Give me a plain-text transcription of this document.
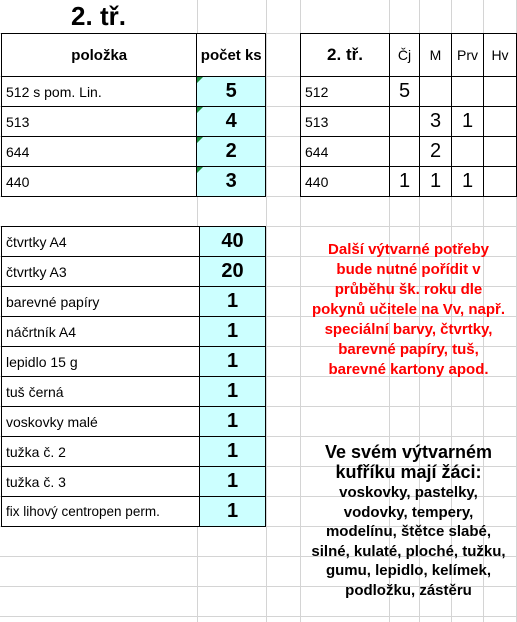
2. tř.
položka	počet ks
512 s pom. Lin.	5
513	4
644	2
440	3
2. tř.	Čj	M	Prv	Hv
512	5			
513		3	1	
644		2		
440	1	1	1	
čtvrtky A4	40
čtvrtky A3	20
barevné papíry	1
náčrtník A4	1
lepidlo 15 g	1
tuš černá	1
voskovky malé	1
tužka č. 2	1
tužka č. 3	1
fix lihový centropen perm.	1
Další výtvarné potřeby
bude nutné pořídit v
průběhu šk. roku dle
pokynů učitele na Vv, např.
speciální barvy, čtvrtky,
barevné papíry, tuš,
barevné kartony apod.
Ve svém výtvarném
kufříku mají žáci:
voskovky, pastelky,
vodovky, tempery,
modelínu, štětce slabé,
silné, kulaté, ploché, tužku,
gumu, lepidlo, kelímek,
podložku, zástěru
